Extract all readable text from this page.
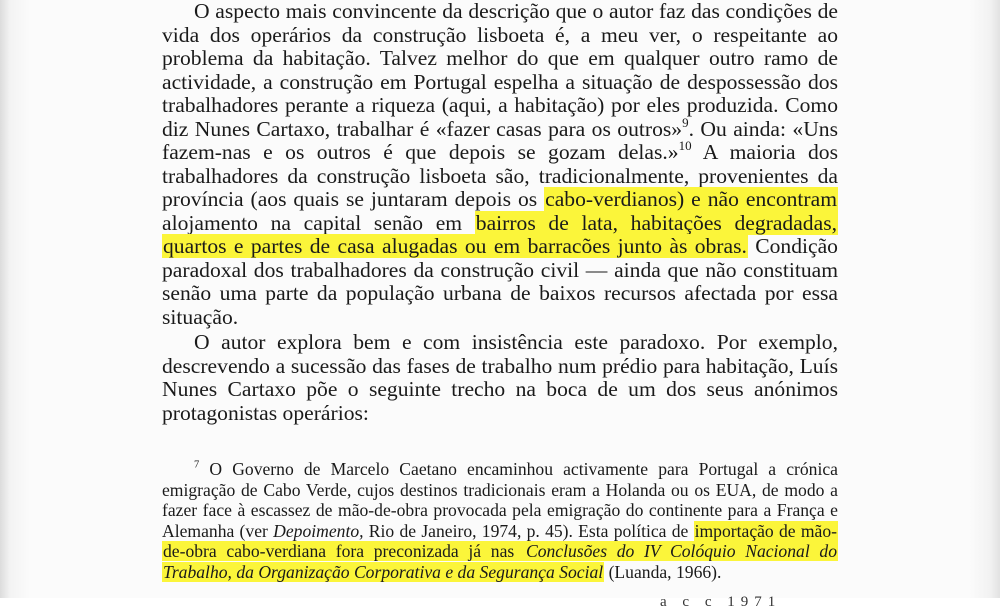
O aspecto mais convincente da descrição que o autor faz das condições de vida dos operários da construção lisboeta é, a meu ver, o respeitante ao problema da habitação. Talvez melhor do que em qualquer outro ramo de actividade, a construção em Portugal espelha a situação de despossessão dos trabalhadores perante a riqueza (aqui, a habitação) por eles produzida. Como diz Nunes Cartaxo, trabalhar é «fazer casas para os outros»$^9$. Ou ainda: «Uns fazem-nas e os outros é que depois se gozam delas.»$^{10}$ A maioria dos trabalhadores da construção lisboeta são, tradicionalmente, provenientes da província (aos quais se juntaram depois os cabo-verdianos) e não encontram alojamento na capital senão em bairros de lata, habitações degradadas, quartos e partes de casa alugadas ou em barracões junto às obras. Condição paradoxal dos trabalhadores da construção civil — ainda que não constituam senão uma parte da população urbana de baixos recursos afectada por essa situação.

O autor explora bem e com insistência este paradoxo. Por exemplo, descrevendo a sucessão das fases de trabalho num prédio para habitação, Luís Nunes Cartaxo põe o seguinte trecho na boca de um dos seus anónimos protagonistas operários:

$^7$ O Governo de Marcelo Caetano encaminhou activamente para Portugal a crónica emigração de Cabo Verde, cujos destinos tradicionais eram a Holanda ou os EUA, de modo a fazer face à escassez de mão-de-obra provocada pela emigração do continente para a França e Alemanha (ver Depoimento, Rio de Janeiro, 1974, p. 45). Esta política de importação de mão-de-obra cabo-verdiana fora preconizada já nas Conclusões do IV Colóquio Nacional do Trabalho, da Organização Corporativa e da Segurança Social (Luanda, 1966).

a c c 1971
